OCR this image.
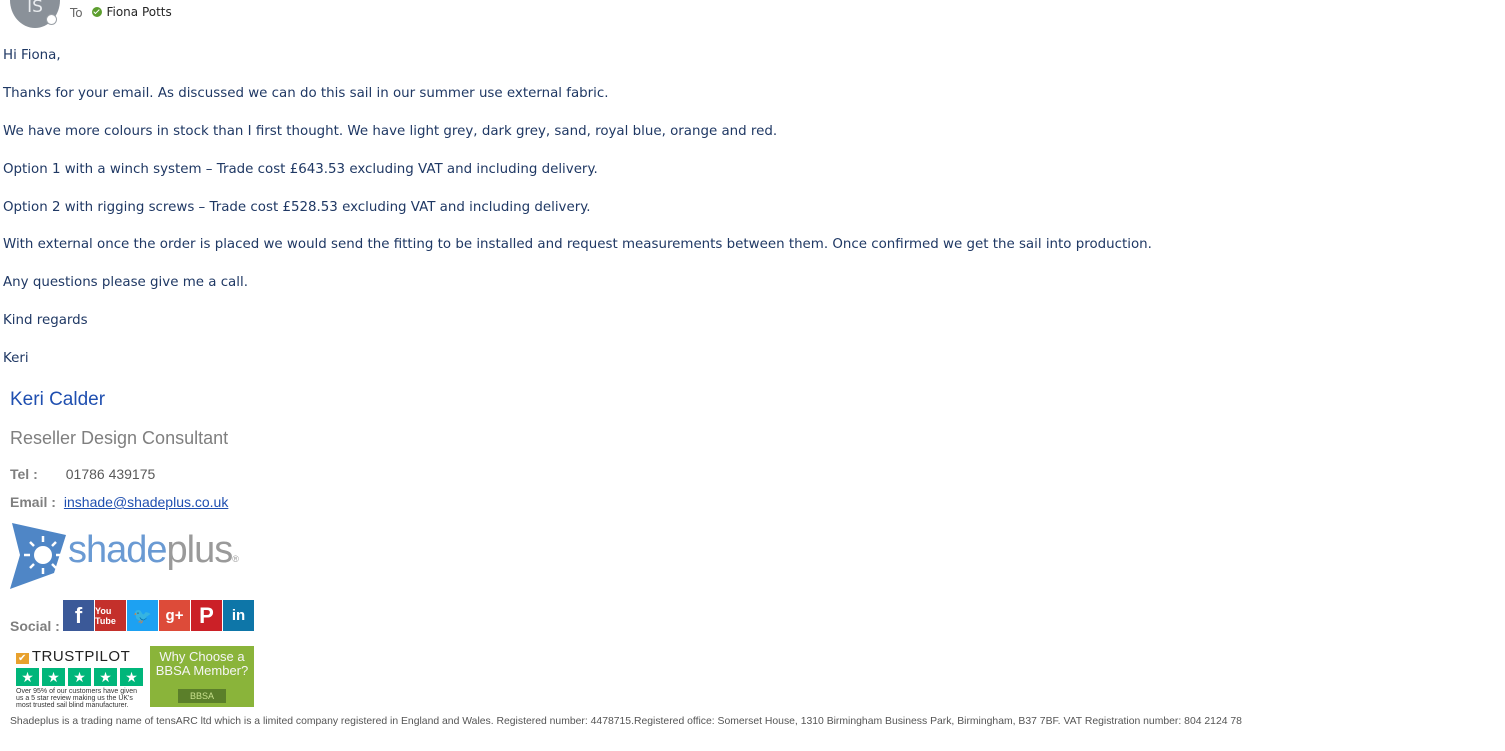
IS	To Fiona Potts

Hi Fiona,

Thanks for your email. As discussed we can do this sail in our summer use external fabric.

We have more colours in stock than I first thought. We have light grey, dark grey, sand, royal blue, orange and red.

Option 1 with a winch system – Trade cost £643.53 excluding VAT and including delivery.

Option 2 with rigging screws – Trade cost £528.53 excluding VAT and including delivery.

With external once the order is placed we would send the fitting to be installed and request measurements between them. Once confirmed we get the sail into production.

Any questions please give me a call.

Kind regards

Keri

Keri Calder
Reseller Design Consultant
Tel : 01786 439175
Email : inshade@shadeplus.co.uk
shadeplus®
Social : f	You Tube	🐦 g+ P	in
✔ TRUSTPILOT
★ ★ ★ ★ ★
Over 95% of our customers have given us a 5 star review making us the UK's most trusted sail blind manufacturer.
Why Choose a BBSA Member?
BBSA
Shadeplus is a trading name of tensARC ltd which is a limited company registered in England and Wales. Registered number: 4478715.Registered office: Somerset House, 1310 Birmingham Business Park, Birmingham, B37 7BF. VAT Registration number: 804 2124 78
